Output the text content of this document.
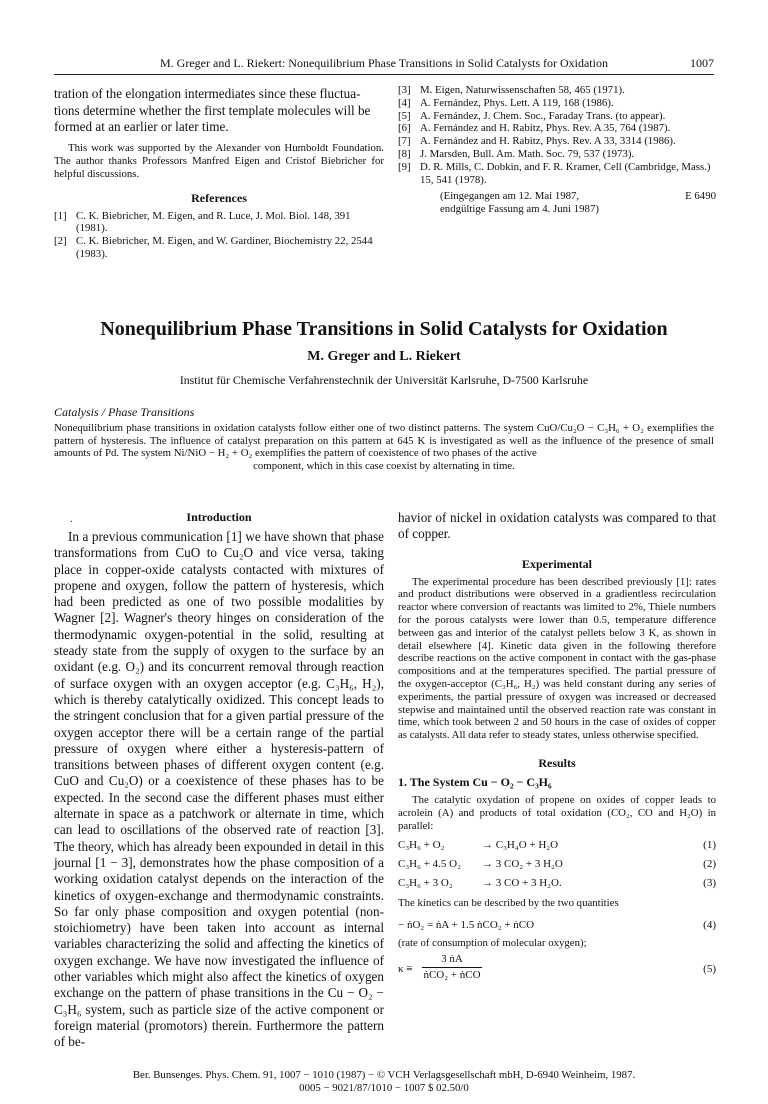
M. Greger and L. Riekert: Nonequilibrium Phase Transitions in Solid Catalysts for Oxidation	1007
tration of the elongation intermediates since these fluctua-
tions determine whether the first template molecules will be
formed at an earlier or later time.

This work was supported by the Alexander von Humboldt Foundation. The author thanks Professors Manfred Eigen and Cristof Biebricher for helpful discussions.

References
[1] C. K. Biebricher, M. Eigen, and R. Luce, J. Mol. Biol. 148, 391 (1981).
[2] C. K. Biebricher, M. Eigen, and W. Gardiner, Biochemistry 22, 2544 (1983).
[3] M. Eigen, Naturwissenschaften 58, 465 (1971).
[4] A. Fernández, Phys. Lett. A 119, 168 (1986).
[5] A. Fernández, J. Chem. Soc., Faraday Trans. (to appear).
[6] A. Fernández and H. Rabitz, Phys. Rev. A 35, 764 (1987).
[7] A. Fernández and H. Rabitz, Phys. Rev. A 33, 3314 (1986).
[8] J. Marsden, Bull. Am. Math. Soc. 79, 537 (1973).
[9] D. R. Mills, C. Dobkin, and F. R. Kramer, Cell (Cambridge, Mass.) 15, 541 (1978).
(Eingegangen am 12. Mai 1987,
endgültige Fassung am 4. Juni 1987)
E 6490
Nonequilibrium Phase Transitions in Solid Catalysts for Oxidation
M. Greger and L. Riekert
Institut für Chemische Verfahrenstechnik der Universität Karlsruhe, D-7500 Karlsruhe
Catalysis / Phase Transitions
Nonequilibrium phase transitions in oxidation catalysts follow either one of two distinct patterns. The system CuO/Cu₂O − C₃H₆ + O₂ exemplifies the pattern of hysteresis. The influence of catalyst preparation on this pattern at 645 K is investigated as well as the influence of the presence of small amounts of Pd. The system Ni/NiO − H₂ + O₂ exemplifies the pattern of coexistence of two phases of the active
component, which in this case coexist by alternating in time.
Introduction

In a previous communication [1] we have shown that phase transformations from CuO to Cu₂O and vice versa, taking place in copper-oxide catalysts contacted with mixtures of propene and oxygen, follow the pattern of hysteresis, which had been predicted as one of two possible modalities by Wagner [2]. Wagner's theory hinges on consideration of the thermodynamic oxygen-potential in the solid, resulting at steady state from the supply of oxygen to the surface by an oxidant (e.g. O₂) and its concurrent removal through reaction of surface oxygen with an oxygen acceptor (e.g. C₃H₆, H₂), which is thereby catalytically oxidized. This concept leads to the stringent conclusion that for a given partial pressure of the oxygen acceptor there will be a certain range of the partial pressure of oxygen where either a hysteresis-pattern of transitions between phases of different oxygen content (e.g. CuO and Cu₂O) or a coexistence of these phases has to be expected. In the second case the different phases must either alternate in space as a patchwork or alternate in time, which can lead to oscillations of the observed rate of reaction [3]. The theory, which has already been expounded in detail in this journal [1 − 3], demonstrates how the phase composition of a working oxidation catalyst depends on the interaction of the kinetics of oxygen-exchange and thermodynamic constraints. So far only phase composition and oxygen potential (non-stoichiometry) have been taken into account as internal variables characterizing the solid and affecting the kinetics of oxygen exchange. We have now investigated the influence of other variables which might also affect the kinetics of oxygen exchange on the pattern of phase transitions in the Cu − O₂ − C₃H₆ system, such as particle size of the active component or foreign material (promotors) therein. Furthermore the pattern of be-

.	havior of nickel in oxidation catalysts was compared to that of copper.

Experimental

The experimental procedure has been described previously [1]: rates and product distributions were observed in a gradientless recirculation reactor where conversion of reactants was limited to 2%, Thiele numbers for the porous catalysts were lower than 0.5, temperature difference between gas and interior of the catalyst pellets below 3 K, as shown in detail elsewhere [4]. Kinetic data given in the following therefore describe reactions on the active component in contact with the gas-phase compositions and at the temperatures specified. The partial pressure of the oxygen-acceptor (C₃H₆, H₂) was held constant during any series of experiments, the partial pressure of oxygen was increased or decreased stepwise and maintained until the observed reaction rate was constant in time, which took between 2 and 50 hours in the case of oxides of copper as catalysts. All data refer to steady states, unless otherwise specified.

Results
1. The System Cu − O₂ − C₃H₆

The catalytic oxydation of propene on oxides of copper leads to acrolein (A) and products of total oxidation (CO₂, CO and H₂O) in parallel:

C₃H₆ + O₂	→ C₃H₄O + H₂O	(1)
C₃H₆ + 4.5 O₂ → 3 CO₂ + 3 H₂O	(2)
C₃H₆ + 3 O₂	→ 3 CO + 3 H₂O.	(3)

The kinetics can be described by the two quantities

− ṅO₂ = ṅA + 1.5 ṅCO₂ + ṅCO	(4)

(rate of consumption of molecular oxygen);

κ ≡
3 ṅA
ṅCO₂ + ṅCO	(5)
Ber. Bunsenges. Phys. Chem. 91, 1007 − 1010 (1987) − © VCH Verlagsgesellschaft mbH, D-6940 Weinheim, 1987.
0005 − 9021/87/1010 − 1007 $ 02.50/0
